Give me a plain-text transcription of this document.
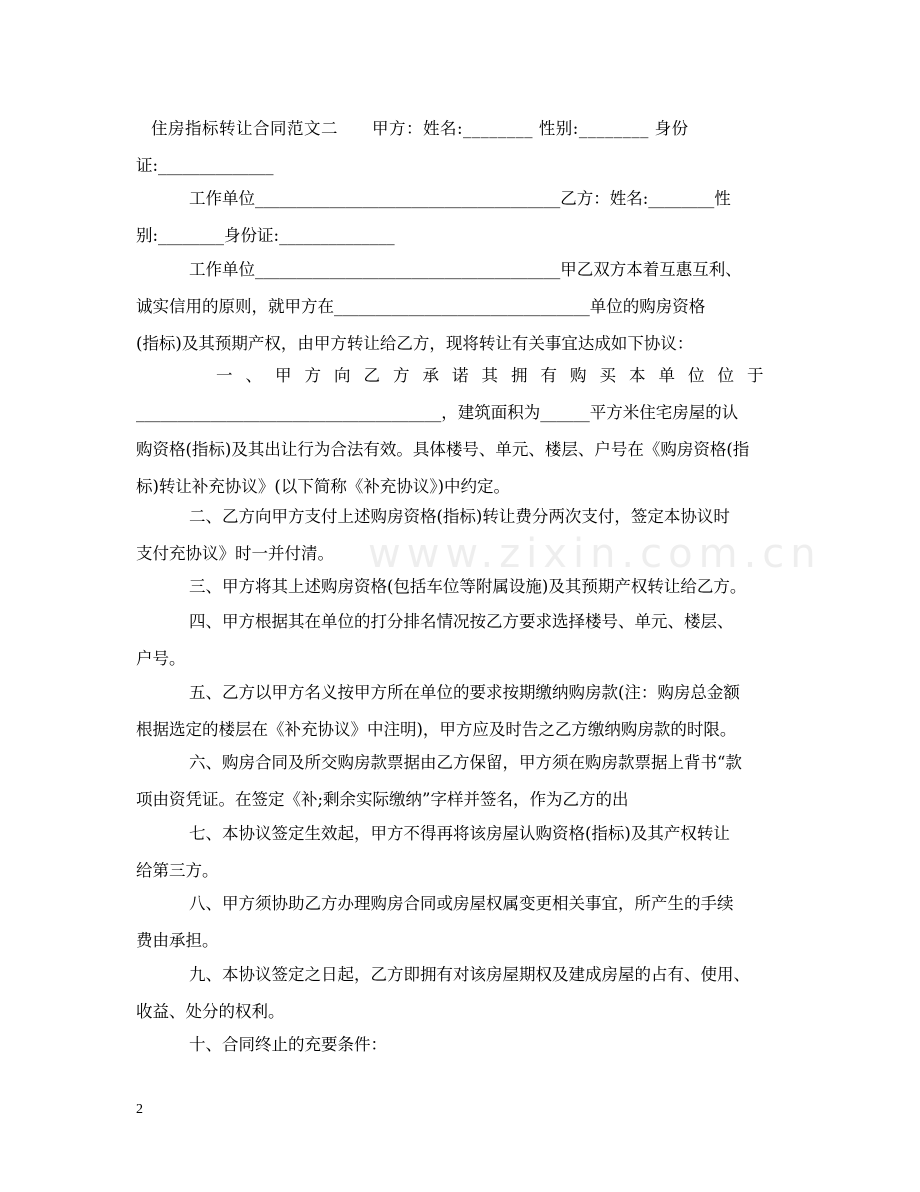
www.zixin.com.cn

住房指标转让合同范文二　　甲方：姓名:________ 性别:________ 身份
证:______________

工作单位_____________________________________乙方：姓名:________性
别:________身份证:______________

工作单位_____________________________________甲乙双方本着互惠互利、
诚实信用的原则，就甲方在_______________________________单位的购房资格
(指标)及其预期产权，由甲方转让给乙方，现将转让有关事宜达成如下协议：

一、甲方向乙方承诺其拥有购买本单位位于
_____________________________________，建筑面积为______平方米住宅房屋的认
购资格(指标)及其出让行为合法有效。具体楼号、单元、楼层、户号在《购房资格(指
标)转让补充协议》(以下简称《补充协议》)中约定。

二、乙方向甲方支付上述购房资格(指标)转让费分两次支付，签定本协议时
支付充协议》时一并付清。

三、甲方将其上述购房资格(包括车位等附属设施)及其预期产权转让给乙方。

四、甲方根据其在单位的打分排名情况按乙方要求选择楼号、单元、楼层、
户号。

五、乙方以甲方名义按甲方所在单位的要求按期缴纳购房款(注：购房总金额
根据选定的楼层在《补充协议》中注明)，甲方应及时告之乙方缴纳购房款的时限。

六、购房合同及所交购房款票据由乙方保留，甲方须在购房款票据上背书“款
项由资凭证。在签定《补;剩余实际缴纳”字样并签名，作为乙方的出

七、本协议签定生效起，甲方不得再将该房屋认购资格(指标)及其产权转让
给第三方。

八、甲方须协助乙方办理购房合同或房屋权属变更相关事宜，所产生的手续
费由承担。

九、本协议签定之日起，乙方即拥有对该房屋期权及建成房屋的占有、使用、
收益、处分的权利。

十、合同终止的充要条件：

2
